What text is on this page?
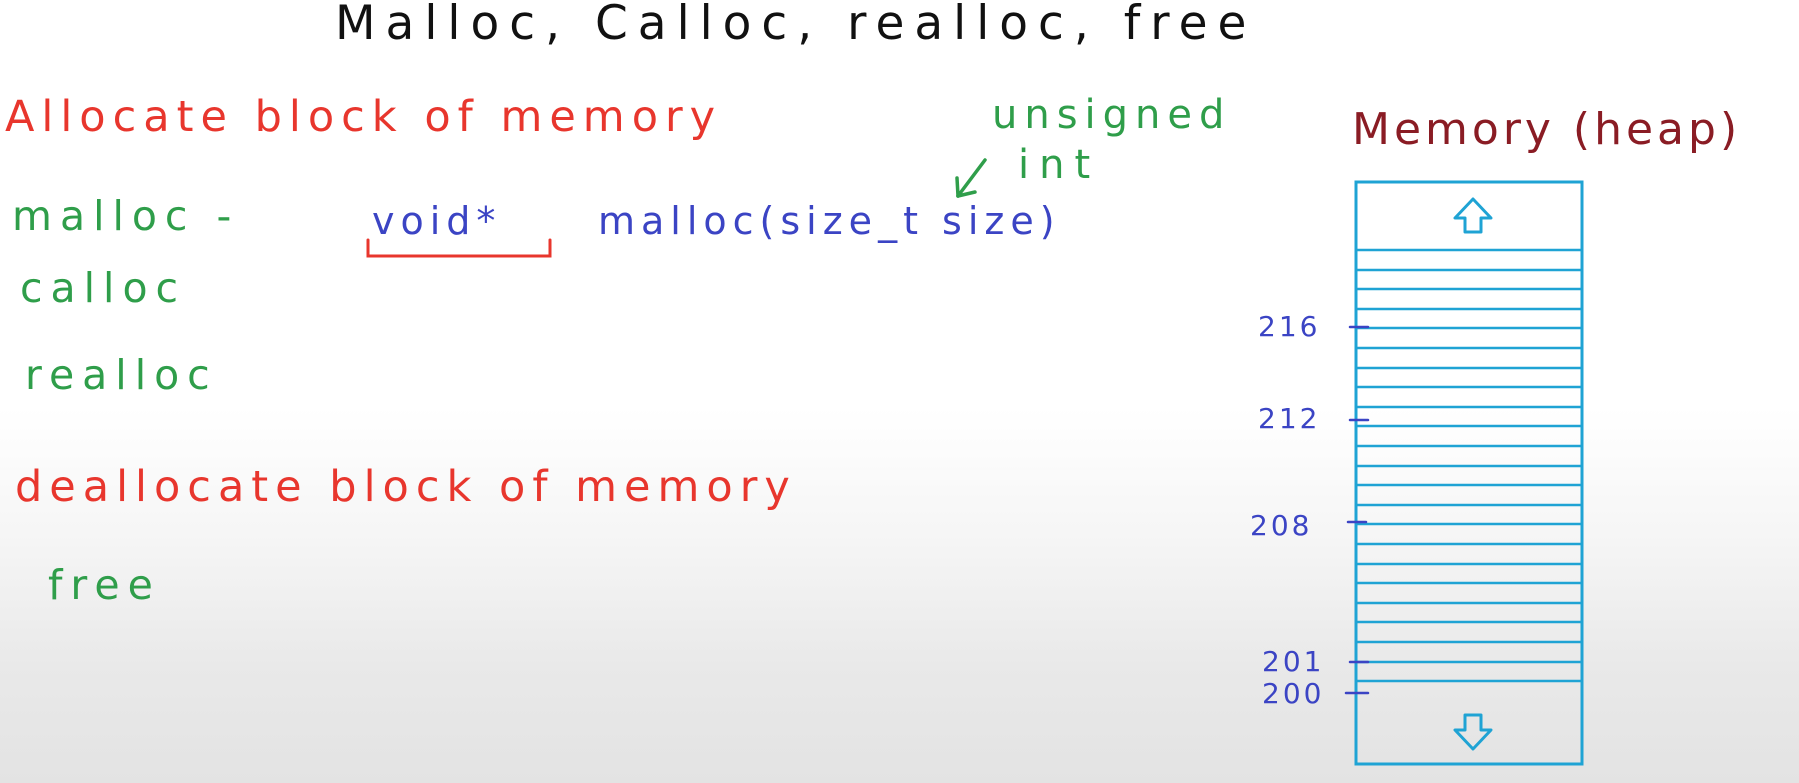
Malloc, Calloc, realloc, free
Allocate block of memory
malloc -
calloc
realloc
void*	malloc(size_t size)
unsigned
int
deallocate block of memory
free
Memory (heap)
216
212
208
201
200
